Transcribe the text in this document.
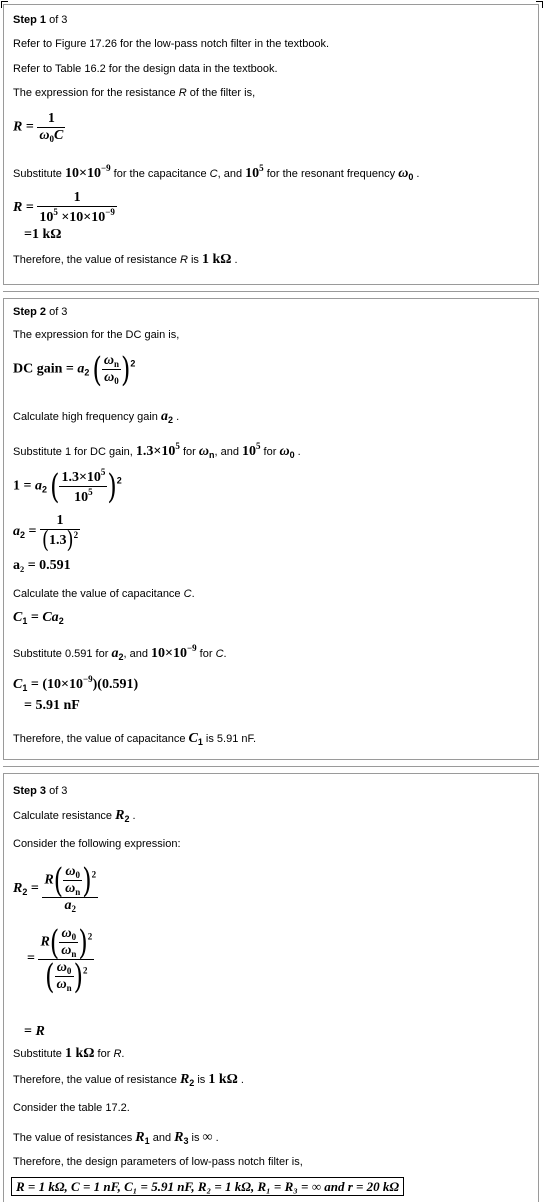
Step 1 of 3
Refer to Figure 17.26 for the low-pass notch filter in the textbook.
Refer to Table 16.2 for the design data in the textbook.
The expression for the resistance R of the filter is,
$R = \frac{1}{\omega_0C}$
Substitute $10\times 10^{-9}$ for the capacitance C, and $10^5$ for the resonant frequency $\omega_0$ .
$R = \frac{1}{10^5 \times 10\times 10^{-9}}$
=1 kΩ
Therefore, the value of resistance R is 1 kΩ .
Step 2 of 3
The expression for the DC gain is,
DC gain = $a_2$ ( $\frac{\omega_n}{\omega_0} )^2$
Calculate high frequency gain $a_2$ .
Substitute 1 for DC gain, $1.3\times 10^5$ for $\omega_n$, and $10^5$ for $\omega_0$ .
$1 = a_2$ ( $\frac{1.3\times 10^5}{10^5} )^2$
$a_2 = \frac{1}{(1.3)^2}$
a₂ = 0.591
Calculate the value of capacitance C.
$C_1 = Ca_2$
Substitute 0.591 for $a_2$, and $10\times 10^{-9}$ for C.
$C_1 = (10\times 10^{-9})(0.591)$
= 5.91 nF
Therefore, the value of capacitance $C_1$ is 5.91 nF.
Step 3 of 3
Calculate resistance $R_2$ .
Consider the following expression:
$R_2 = \frac{R( \frac{\omega_0}{\omega_n} )^2}{a_2}$
= $\frac{R( \frac{\omega_0}{\omega_n} )^2}{( \frac{\omega_0}{\omega_n} )^2}$
= R
Substitute 1 kΩ for R.
Therefore, the value of resistance $R_2$ is 1 kΩ .
Consider the table 17.2.
The value of resistances $R_1$ and $R_3$ is ∞ .
Therefore, the design parameters of low-pass notch filter is,
R = 1 kΩ, C = 1 nF, C₁ = 5.91 nF, R₂ = 1 kΩ, R₁ = R₃ = ∞ and r = 20 kΩ
